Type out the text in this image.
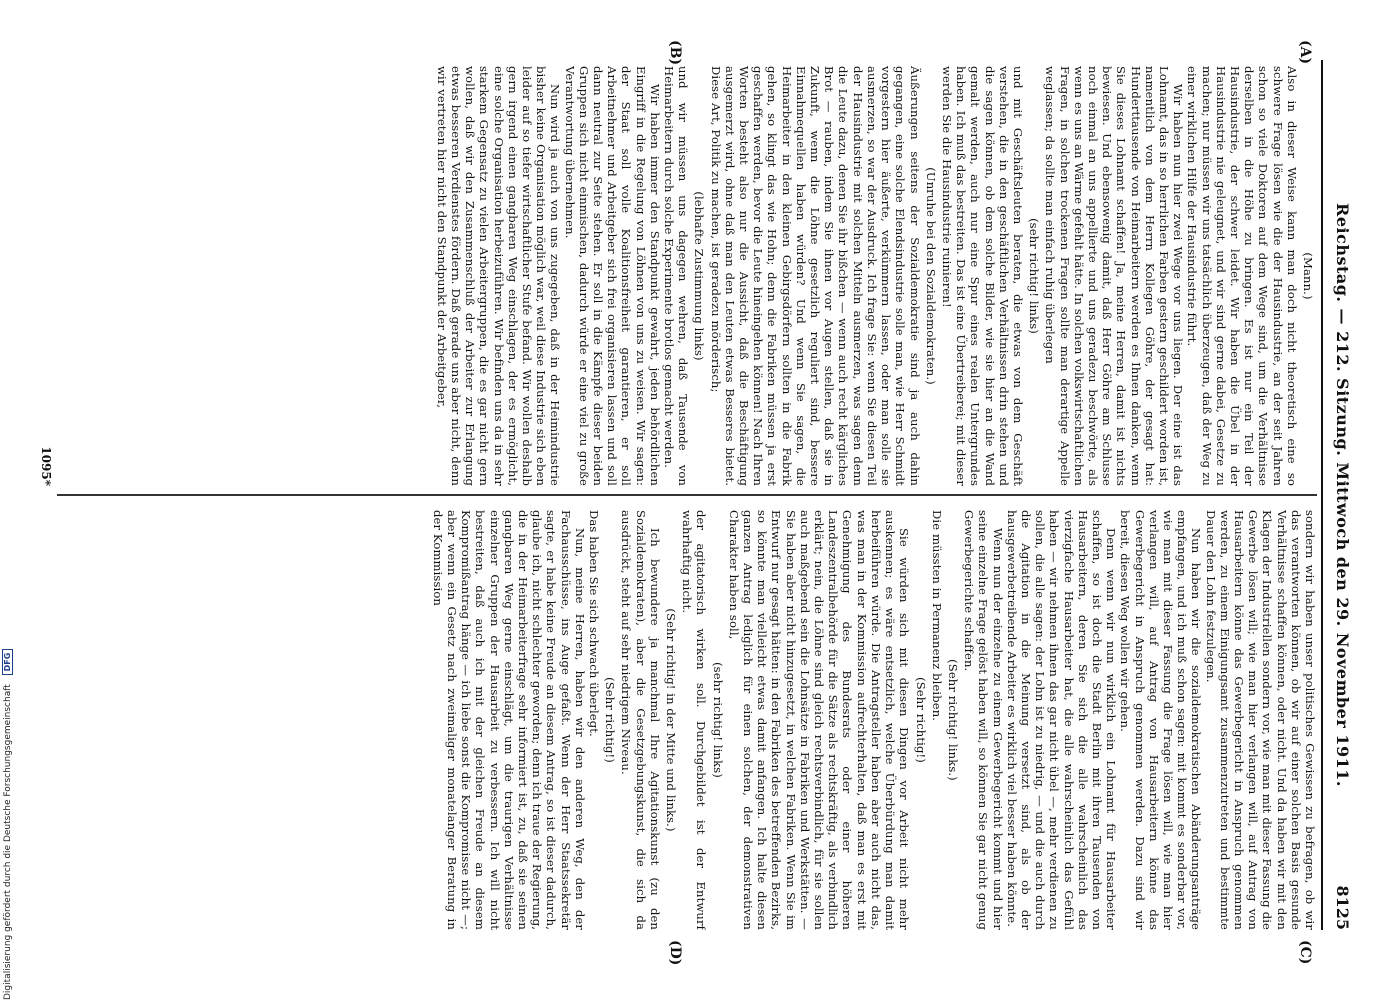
Reichstag. — 212. Sitzung. Mittwoch den 29. November 1911.
8125
(A)
(B)
(C)
(D)

(Mann.)

Also in dieser Weise kann man doch nicht theoretisch eine so schwere Frage lösen wie die der Hausindustrie, an der seit Jahren schon so viele Doktoren auf dem Wege sind, um die Verhältnisse derselben in die Höhe zu bringen. Es ist nur ein Teil der Hausindustrie, der schwer leidet. Wir haben die Übel in der Hausindustrie nie geleugnet, und wir sind gerne dabei, Gesetze zu machen; nur müssen wir uns tatsächlich überzeugen, daß der Weg zu einer wirklichen Hilfe der Hausindustrie führt.

Wir haben nun hier zwei Wege vor uns liegen. Der eine ist das Lohnamt, das in so herrlichen Farben gestern geschildert worden ist, namentlich von dem Herrn Kollegen Göhre, der gesagt hat: Hunderttausende von Heimarbeitern werden es Ihnen danken, wenn Sie dieses Lohnamt schaffen! Ja, meine Herren, damit ist nichts bewiesen. Und ebensowenig damit, daß Herr Göhre am Schlusse noch einmal an uns appellierte und uns geradezu beschwörte, als wenn es uns an Wärme gefehlt hätte. In solchen volkswirtschaftlichen Fragen, in solchen trockenen Fragen sollte man derartige Appelle weglassen; da sollte man einfach ruhig überlegen

(sehr richtig! links)

und mit Geschäftsleuten beraten, die etwas von dem Geschäft verstehen, die in den geschäftlichen Verhältnissen drin stehen und die sagen können, ob dem solche Bilder, wie sie hier an die Wand gemalt werden, auch nur eine Spur eines realen Untergrundes haben. Ich muß das bestreiten. Das ist eine Übertreiberei; mit dieser werden Sie die Hausindustrie ruinieren!

(Unruhe bei den Sozialdemokraten.)

Äußerungen seitens der Sozialdemokratie sind ja auch dahin gegangen, eine solche Elendsindustrie solle man, wie Herr Schmidt vorgestern hier äußerte, verkümmern lassen, oder man solle sie ausmerzen, so war der Ausdruck. Ich frage Sie: wenn Sie diesen Teil der Hausindustrie mit solchen Mitteln ausmerzen, was sagen denn die Leute dazu, denen Sie ihr bißchen — wenn auch recht kärgliches Brot — rauben, indem Sie ihnen vor Augen stellen, daß sie in Zukunft, wenn die Löhne gesetzlich reguliert sind, bessere Einnahmequellen haben würden? Und wenn Sie sagen, die Heimarbeiter in den kleinen Gebirgsdörfern sollten in die Fabrik gehen, so klingt das wie Hohn; denn die Fabriken müssen ja erst geschaffen werden, bevor die Leute hineingehen können! Nach Ihren Worten besteht also nur die Aussicht, daß die Beschäftigung ausgemerzt wird, ohne daß man den Leuten etwas Besseres bietet. Diese Art, Politik zu machen, ist geradezu mörderisch;

(lebhafte Zustimmung links)

und wir müssen uns dagegen wehren, daß Tausende von Heimarbeitern durch solche Experimente brotlos gemacht werden.

Wir haben immer den Standpunkt gewahrt, jeden behördlichen Eingriff in die Regelung von Löhnen von uns zu weisen. Wir sagen: der Staat soll volle Koalitionsfreiheit garantieren, er soll Arbeitnehmer und Arbeitgeber sich frei organisieren lassen und soll dann neutral zur Seite stehen. Er soll in die Kämpfe dieser beiden Gruppen sich nicht einmischen, dadurch würde er eine viel zu große Verantwortung übernehmen.

Nun wird ja auch von uns zugegeben, daß in der Heimindustrie bisher keine Organisation möglich war, weil diese Industrie sich eben leider auf so tiefer wirtschaftlicher Stufe befand. Wir wollen deshalb gern irgend einen gangbaren Weg einschlagen, der es ermöglicht, eine solche Organisation herbeizuführen. Wir befinden uns da in sehr starkem Gegensatz zu vielen Arbeitergruppen, die es gar nicht gern wollen, daß wir den Zusammenschluß der Arbeiter zur Erlangung etwas besseren Verdienstes fördern. Daß gerade uns aber nicht, denn wir vertreten hier nicht den Standpunkt der Arbeitgeber,

sondern wir haben unser politisches Gewissen zu befragen, ob wir das verantworten können, ob wir auf einer solchen Basis gesunde Verhältnisse schaffen können, oder nicht. Und da haben wir mit den Klagen der Industriellen sondern vor, wie man mit dieser Fassung die Gewerbe lösen will; wie man hier verlangen will, auf Antrag von Hausarbeitern könne das Gewerbegericht in Anspruch genommen werden, zu einem Einigungsamt zusammenzutreten und bestimmte Dauer den Lohn festzulegen.

Nun haben wir die sozialdemokratischen Abänderungsanträge empfangen, und ich muß schon sagen: mit kommt es sonderbar vor, wie man mit dieser Fassung die Frage lösen will, wie man hier verlangen will, auf Antrag von Hausarbeitern könne das Gewerbegericht in Anspruch genommen werden. Dazu sind wir bereit, diesen Weg wollen wir gehen.

Denn wenn wir nun wirklich ein Lohnamt für Hausarbeiter schaffen, so ist doch die Stadt Berlin mit ihren Tausenden von Hausarbeitern, deren Sie sich die alle wahrscheinlich das vierzigfache Hausarbeiter hat, die alle wahrscheinlich das Gefühl haben — wir nehmen ihnen das gar nicht übel —, mehr verdienen zu sollen, die alle sagen: der Lohn ist zu niedrig, — und die auch durch die Agitation in die Meinung versetzt sind, als ob der hausgewerbetreibende Arbeiter es wirklich viel besser haben könnte.

Wenn nun der einzelne zu einem Gewerbegericht kommt und hier seine einzelne Frage gelöst haben will, so können Sie gar nicht genug Gewerbegerichte schaffen.

(Sehr richtig! links.)

Die müssten in Permanenz bleiben.

(Sehr richtig!)

Sie würden sich mit diesen Dingen vor Arbeit nicht mehr auskennen; es wäre entsetzlich, welche Überbürdung man damit herbeiführen würde. Die Antragsteller haben aber auch nicht das, was man in der Kommission aufrechterhalten, daß man es erst mit Genehmigung des Bundesrats oder einer höheren Landeszentralbehörde für die Sätze als rechtskräftig, als verbindlich erklärt; nein, die Löhne sind gleich rechtsverbindlich, für sie sollen auch maßgebend sein die Lohnsätze in Fabriken und Werkstätten. — Sie haben aber nicht hinzugesetzt, in welchen Fabriken. Wenn Sie im Entwurf nur gesagt hätten: in den Fabriken des betreffenden Bezirks, so könnte man vielleicht etwas damit anfangen. Ich halte diesen ganzen Antrag lediglich für einen solchen, der demonstrativen Charakter haben soll,

(sehr richtig! links)

der agitatorisch wirken soll. Durchgebildet ist der Entwurf wahrhaftig nicht.

(Sehr richtig! in der Mitte und links.)

Ich bewundere ja manchmal Ihre Agitationskunst (zu den Sozialdemokraten), aber die Gesetzgebungskunst, die sich da ausdrückt, steht auf sehr niedrigem Niveau.

(Sehr richtig!)

Das haben Sie sich schwach überlegt.

Nun, meine Herren, haben wir den anderen Weg, den der Fachausschüsse, ins Auge gefaßt. Wenn der Herr Staatssekretär sagte, er habe keine Freude an diesem Antrag, so ist dieser dadurch, glaube ich, nicht schlechter geworden; denn ich traue der Regierung, die in der Heimarbeiterfrage sehr informiert ist, zu, daß sie seinen gangbaren Weg gerne einschlägt, um die traurigen Verhältnisse einzelner Gruppen der Hausarbeit zu verbessern. Ich will nicht bestreiten, daß auch ich mit der gleichen Freude an diesem Kompromißantrag hänge — ich liebe sonst die Kompromisse nicht —; aber wenn ein Gesetz nach zweimaliger monatelanger Beratung in der Kommission

1095*
Digitalisierung gefördert durch die Deutsche Forschungsgemeinschaft DFG
